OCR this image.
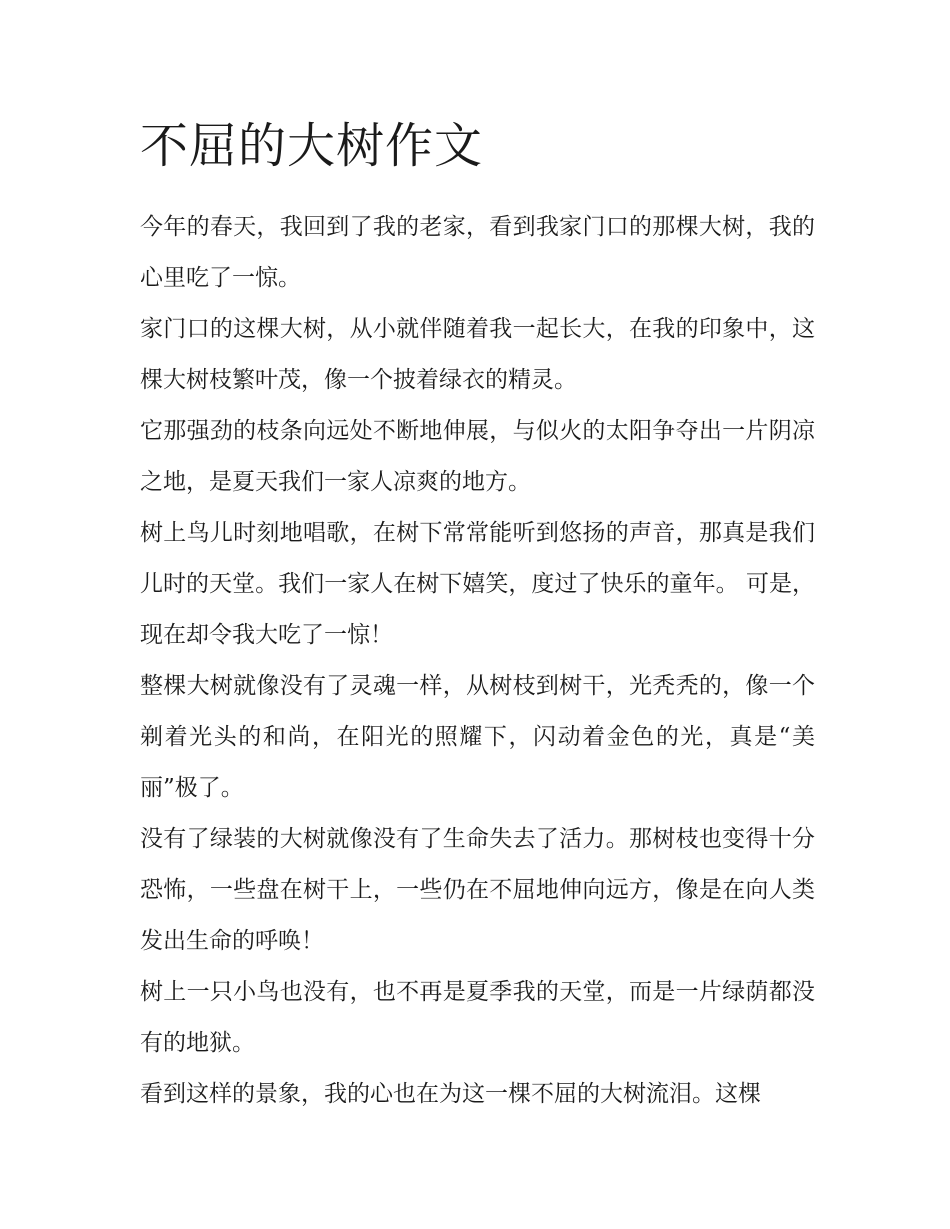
不屈的大树作文

今年的春天，我回到了我的老家，看到我家门口的那棵大树，我的心里吃了一惊。

家门口的这棵大树，从小就伴随着我一起长大，在我的印象中，这棵大树枝繁叶茂，像一个披着绿衣的精灵。

它那强劲的枝条向远处不断地伸展，与似火的太阳争夺出一片阴凉之地，是夏天我们一家人凉爽的地方。

树上鸟儿时刻地唱歌，在树下常常能听到悠扬的声音，那真是我们儿时的天堂。我们一家人在树下嬉笑，度过了快乐的童年。 可是，现在却令我大吃了一惊！

整棵大树就像没有了灵魂一样，从树枝到树干，光秃秃的，像一个剃着光头的和尚，在阳光的照耀下，闪动着金色的光，真是“美丽”极了。

没有了绿装的大树就像没有了生命失去了活力。那树枝也变得十分恐怖，一些盘在树干上，一些仍在不屈地伸向远方，像是在向人类发出生命的呼唤！

树上一只小鸟也没有，也不再是夏季我的天堂，而是一片绿荫都没有的地狱。

看到这样的景象，我的心也在为这一棵不屈的大树流泪。这棵
